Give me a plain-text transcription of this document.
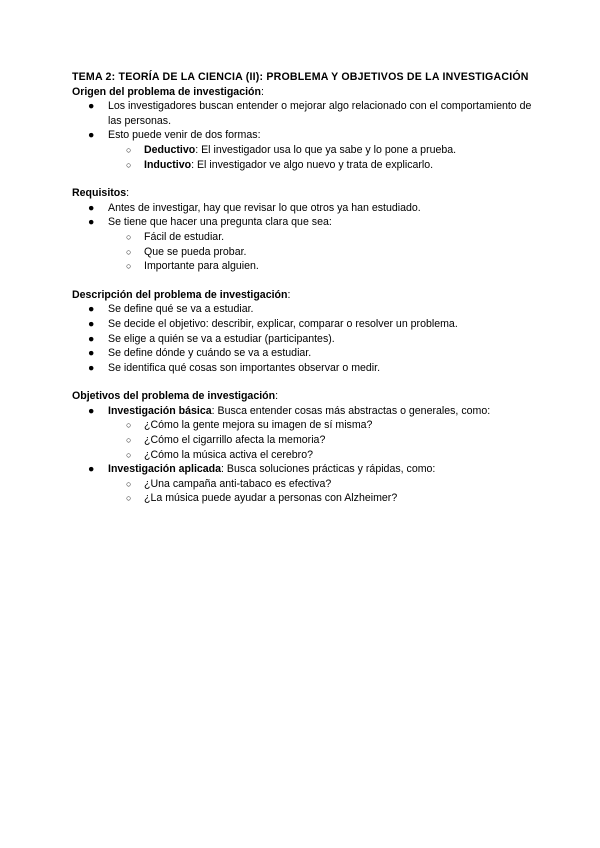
TEMA 2: TEORÍA DE LA CIENCIA (II): PROBLEMA Y OBJETIVOS DE LA INVESTIGACIÓN
Origen del problema de investigación:
●	Los investigadores buscan entender o mejorar algo relacionado con el comportamiento de las personas.
●	Esto puede venir de dos formas:
○	Deductivo: El investigador usa lo que ya sabe y lo pone a prueba.
○	Inductivo: El investigador ve algo nuevo y trata de explicarlo.
Requisitos:
●	Antes de investigar, hay que revisar lo que otros ya han estudiado.
●	Se tiene que hacer una pregunta clara que sea:
○	Fácil de estudiar.
○	Que se pueda probar.
○	Importante para alguien.
Descripción del problema de investigación:
●	Se define qué se va a estudiar.
●	Se decide el objetivo: describir, explicar, comparar o resolver un problema.
●	Se elige a quién se va a estudiar (participantes).
●	Se define dónde y cuándo se va a estudiar.
●	Se identifica qué cosas son importantes observar o medir.
Objetivos del problema de investigación:
●	Investigación básica: Busca entender cosas más abstractas o generales, como:
○	¿Cómo la gente mejora su imagen de sí misma?
○	¿Cómo el cigarrillo afecta la memoria?
○	¿Cómo la música activa el cerebro?
●	Investigación aplicada: Busca soluciones prácticas y rápidas, como:
○	¿Una campaña anti-tabaco es efectiva?
○	¿La música puede ayudar a personas con Alzheimer?
